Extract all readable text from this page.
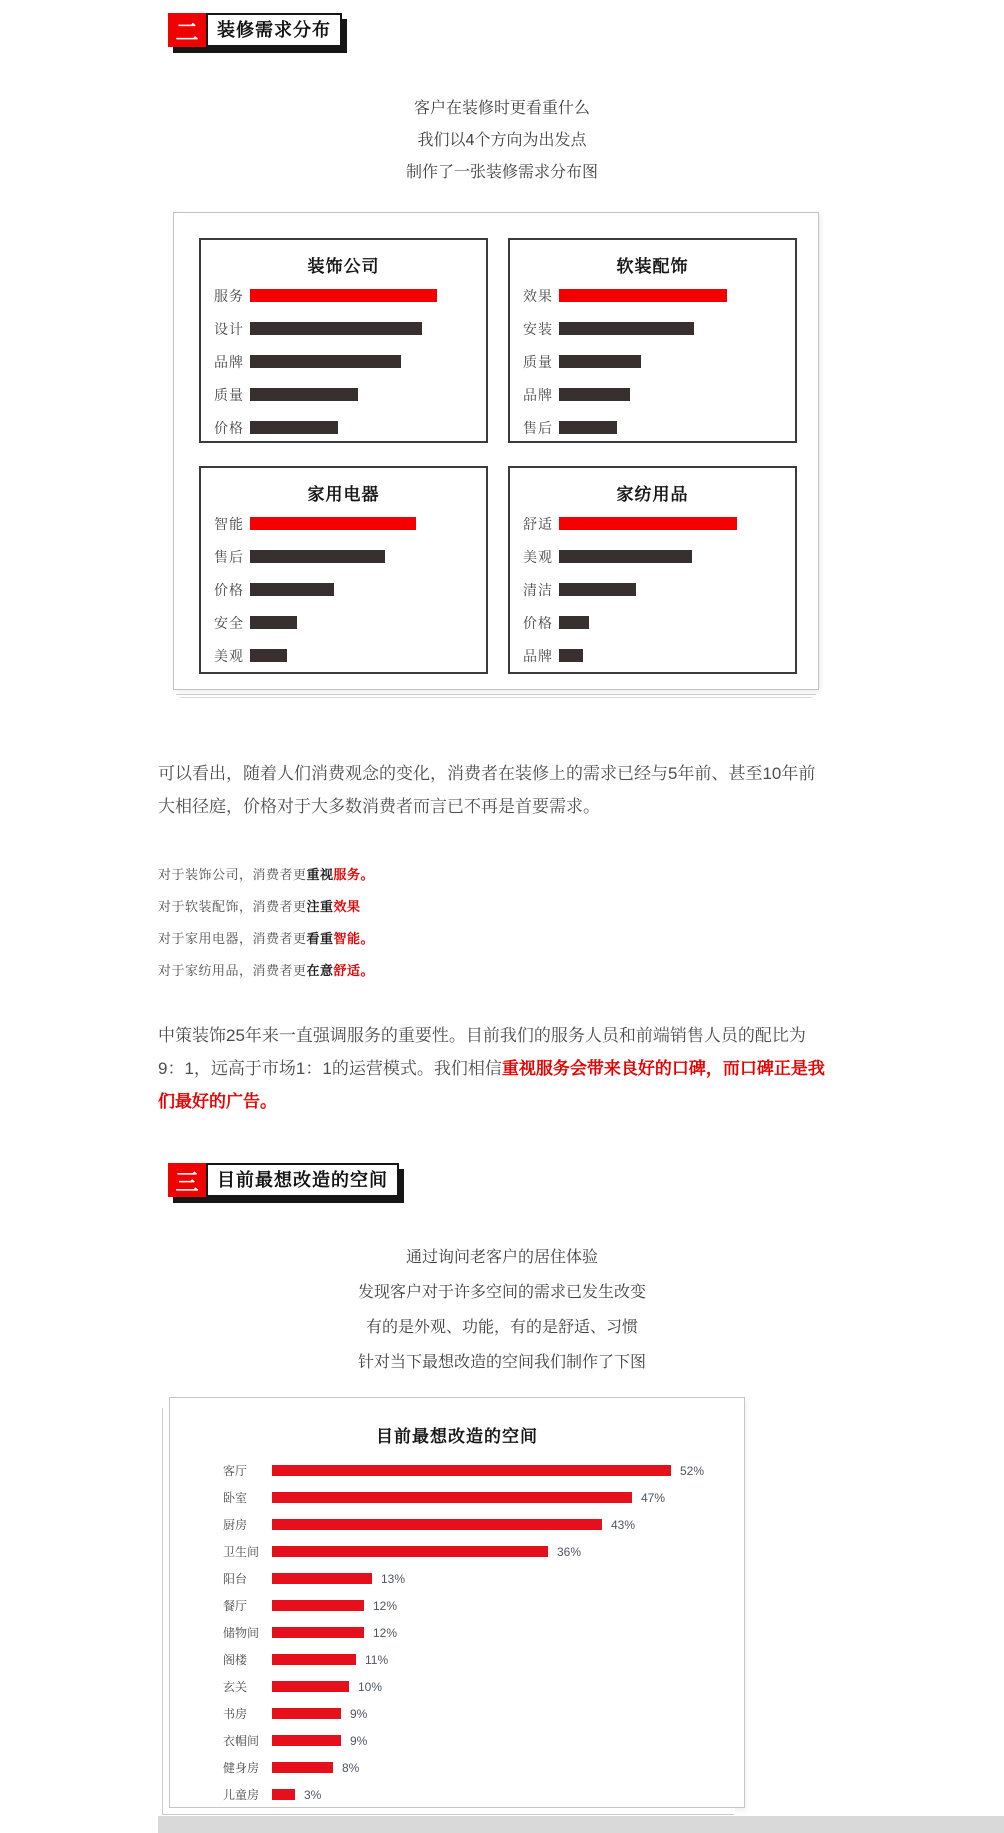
二	装修需求分布

客户在装修时更看重什么

我们以4个方向为出发点

制作了一张装修需求分布图

装饰公司
服务
设计
品牌
质量
价格
软装配饰
效果
安装
质量
品牌
售后
家用电器
智能
售后
价格
安全
美观
家纺用品
舒适
美观
清洁
价格
品牌

可以看出，随着人们消费观念的变化，消费者在装修上的需求已经与5年前、甚至10年前

大相径庭，价格对于大多数消费者而言已不再是首要需求。

对于装饰公司，消费者更重视服务。

对于软装配饰，消费者更注重效果

对于家用电器，消费者更看重智能。

对于家纺用品，消费者更在意舒适。

中策装饰25年来一直强调服务的重要性。目前我们的服务人员和前端销售人员的配比为

9：1，远高于市场1：1的运营模式。我们相信重视服务会带来良好的口碑，而口碑正是我

们最好的广告。

三	目前最想改造的空间

通过询问老客户的居住体验

发现客户对于许多空间的需求已发生改变

有的是外观、功能，有的是舒适、习惯

针对当下最想改造的空间我们制作了下图

目前最想改造的空间
客厅	52%
卧室	47%
厨房	43%
卫生间	36%
阳台	13%
餐厅	12%
储物间	12%
阁楼	11%
玄关	10%
书房	9%
衣帽间	9%
健身房	8%
儿童房	3%
